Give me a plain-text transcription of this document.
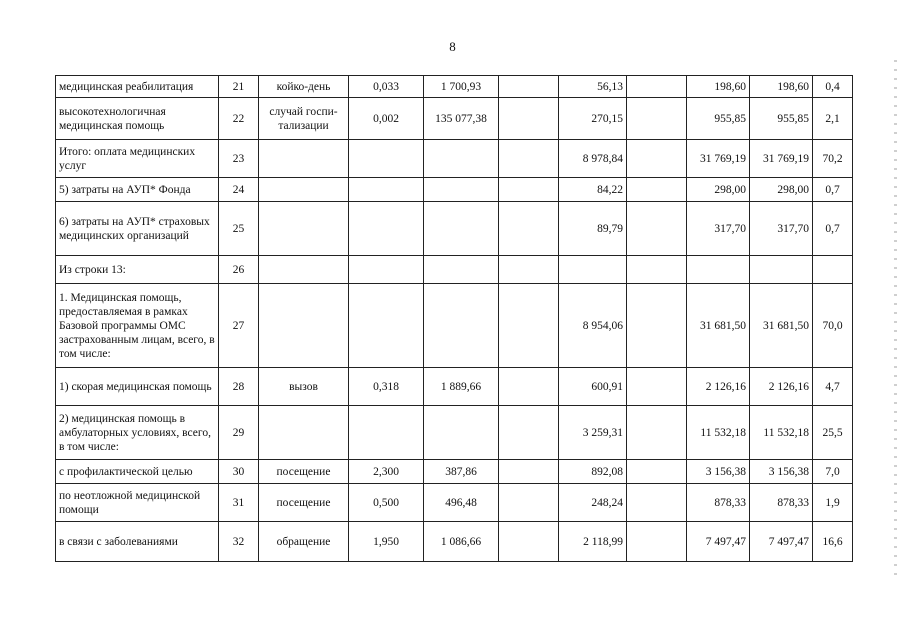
8
медицинская реабилитация	21	койко-день	0,033	1 700,93		56,13		198,60	198,60	0,4
высокотехнологичная медицинская помощь	22	случай госпи-тализации	0,002	135 077,38		270,15		955,85	955,85	2,1
Итого: оплата медицинских услуг	23					8 978,84		31 769,19	31 769,19	70,2
5) затраты на АУП* Фонда	24					84,22		298,00	298,00	0,7
6) затраты на АУП* страховых медицинских организаций	25					89,79		317,70	317,70	0,7
Из строки 13:	26									
1. Медицинская помощь, предоставляемая в рамках Базовой программы ОМС застрахованным лицам, всего, в том числе:	27					8 954,06		31 681,50	31 681,50	70,0
1) скорая медицинская помощь	28	вызов	0,318	1 889,66		600,91		2 126,16	2 126,16	4,7
2) медицинская помощь в амбулаторных условиях, всего, в том числе:	29					3 259,31		11 532,18	11 532,18	25,5
с профилактической целью	30	посещение	2,300	387,86		892,08		3 156,38	3 156,38	7,0
по неотложной медицинской помощи	31	посещение	0,500	496,48		248,24		878,33	878,33	1,9
в связи с заболеваниями	32	обращение	1,950	1 086,66		2 118,99		7 497,47	7 497,47	16,6
